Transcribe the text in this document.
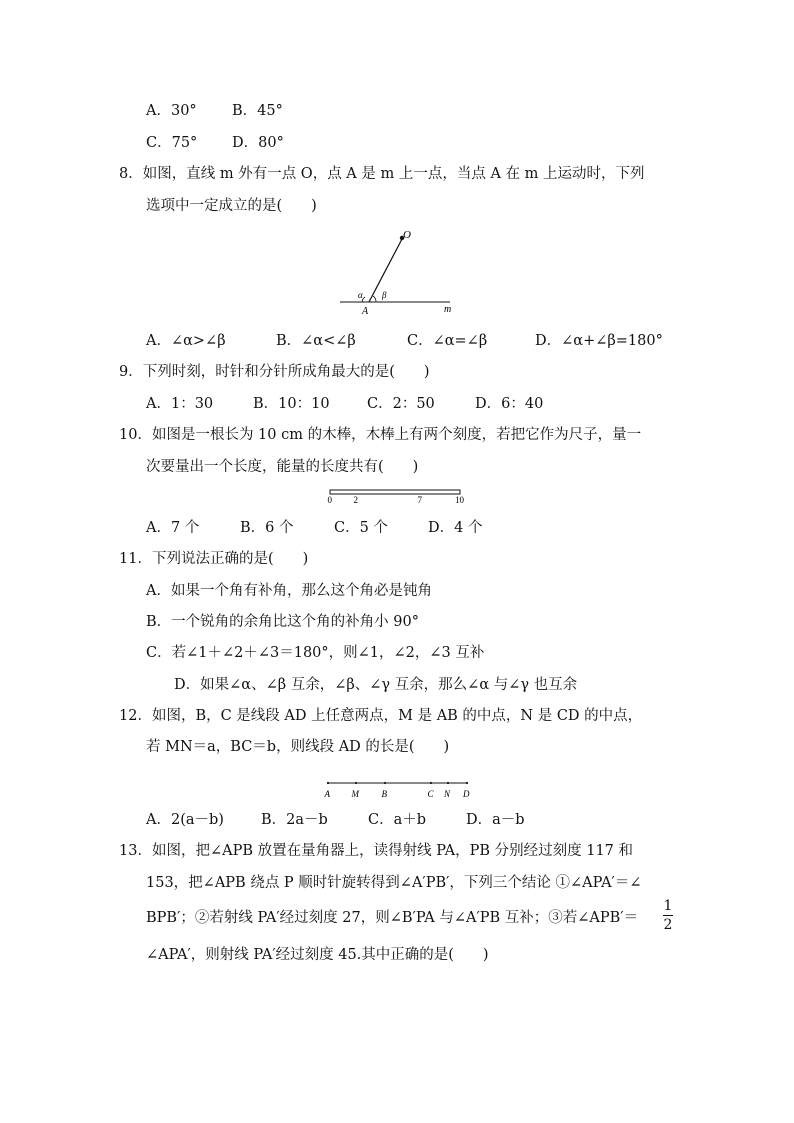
A．30° B．45°
C．75° D．80°
8．如图，直线 m 外有一点 O，点 A 是 m 上一点，当点 A 在 m 上运动时，下列
选项中一定成立的是(　　)
O
A	m
α β
A．∠α>∠β	B．∠α<∠β	C．∠α=∠β	D．∠α+∠β=180°
9．下列时刻，时针和分针所成角最大的是(　　)
A．1：30	B．10：10	C．2：50	D．6：40
10．如图是一根长为 10 cm 的木棒，木棒上有两个刻度，若把它作为尺子，量一
次要量出一个长度，能量的长度共有(　　)
0 2	7	10
A．7 个	B．6 个	C．5 个	D．4 个
11．下列说法正确的是(　　)
A．如果一个角有补角，那么这个角必是钝角
B．一个锐角的余角比这个角的补角小 90°
C．若∠1＋∠2＋∠3＝180°，则∠1，∠2，∠3 互补
D．如果∠α、∠β 互余，∠β、∠γ 互余，那么∠α 与∠γ 也互余
12．如图，B，C 是线段 AD 上任意两点，M 是 AB 的中点，N 是 CD 的中点，
若 MN＝a，BC＝b，则线段 AD 的长是(　　)
A M	B	C N D
A．2(a－b)	B．2a－b	C．a＋b	D．a－b
13．如图，把∠APB 放置在量角器上，读得射线 PA，PB 分别经过刻度 117 和
153，把∠APB 绕点 P 顺时针旋转得到∠A′PB′，下列三个结论 ①∠APA′＝∠
BPB′；②若射线 PA′经过刻度 27，则∠B′PA 与∠A′PB 互补；③若∠APB′＝
1
2
∠APA′，则射线 PA′经过刻度 45.其中正确的是(　　)
